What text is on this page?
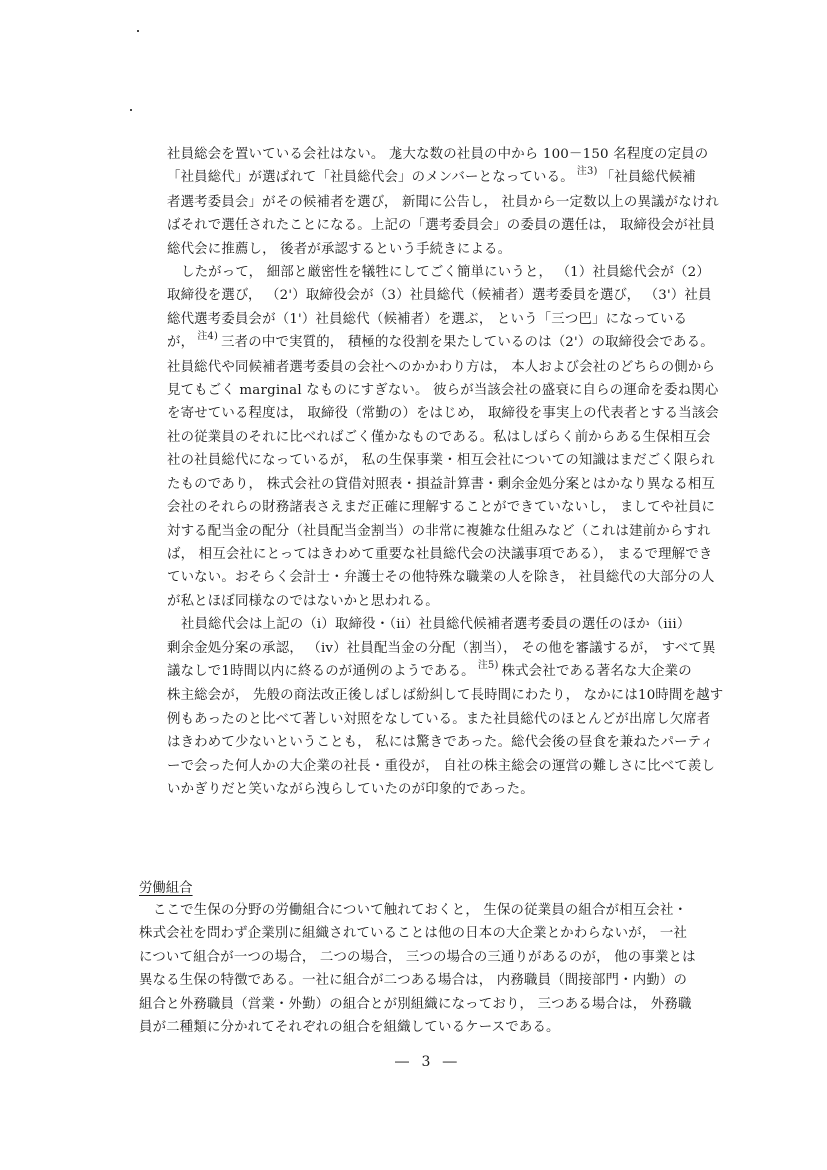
社員総会を置いている会社はない。 尨大な数の社員の中から 100－150 名程度の定員の
「社員総代」が選ばれて「社員総代会」のメンバーとなっている。 $^{注3)}$ 「社員総代候補
者選考委員会」がその候補者を選び， 新聞に公告し， 社員から一定数以上の異議がなけれ
ばそれで選任されたことになる。上記の「選考委員会」の委員の選任は， 取締役会が社員
総代会に推薦し， 後者が承認するという手続きによる。
したがって， 細部と厳密性を犠牲にしてごく簡単にいうと， （1）社員総代会が（2）
取締役を選び， （2'）取締役会が（3）社員総代（候補者）選考委員を選び， （3'）社員
総代選考委員会が（1'）社員総代（候補者）を選ぶ， という「三つ巴」になっている
が， $^{注4)}$ 三者の中で実質的， 積極的な役割を果たしているのは（2'）の取締役会である。
社員総代や同候補者選考委員の会社へのかかわり方は， 本人および会社のどちらの側から
見てもごく marginal なものにすぎない。 彼らが当該会社の盛衰に自らの運命を委ね関心
を寄せている程度は， 取締役（常勤の）をはじめ， 取締役を事実上の代表者とする当該会
社の従業員のそれに比べればごく僅かなものである。私はしばらく前からある生保相互会
社の社員総代になっているが， 私の生保事業・相互会社についての知識はまだごく限られ
たものであり， 株式会社の貸借対照表・損益計算書・剰余金処分案とはかなり異なる相互
会社のそれらの財務諸表さえまだ正確に理解することができていないし， ましてや社員に
対する配当金の配分（社員配当金割当）の非常に複雑な仕組みなど（これは建前からすれ
ば， 相互会社にとってはきわめて重要な社員総代会の決議事項である）， まるで理解でき
ていない。おそらく会計士・弁護士その他特殊な職業の人を除き， 社員総代の大部分の人
が私とほぼ同様なのではないかと思われる。
社員総代会は上記の（i）取締役・（ii）社員総代候補者選考委員の選任のほか（iii）
剰余金処分案の承認， （iv）社員配当金の分配（割当）， その他を審議するが， すべて異
議なしで1時間以内に終るのが通例のようである。 $^{注5)}$ 株式会社である著名な大企業の
株主総会が， 先般の商法改正後しばしば紛糾して長時間にわたり， なかには10時間を越す
例もあったのと比べて著しい対照をなしている。また社員総代のほとんどが出席し欠席者
はきわめて少ないということも， 私には驚きであった。総代会後の昼食を兼ねたパーティ
ーで会った何人かの大企業の社長・重役が， 自社の株主総会の運営の難しさに比べて羨し
いかぎりだと笑いながら洩らしていたのが印象的であった。
労働組合
ここで生保の分野の労働組合について触れておくと， 生保の従業員の組合が相互会社・
株式会社を問わず企業別に組織されていることは他の日本の大企業とかわらないが， 一社
について組合が一つの場合， 二つの場合， 三つの場合の三通りがあるのが， 他の事業とは
異なる生保の特徴である。一社に組合が二つある場合は， 内務職員（間接部門・内勤）の
組合と外務職員（営業・外勤）の組合とが別組織になっており， 三つある場合は， 外務職
員が二種類に分かれてそれぞれの組合を組織しているケースである。
― 3 ―
